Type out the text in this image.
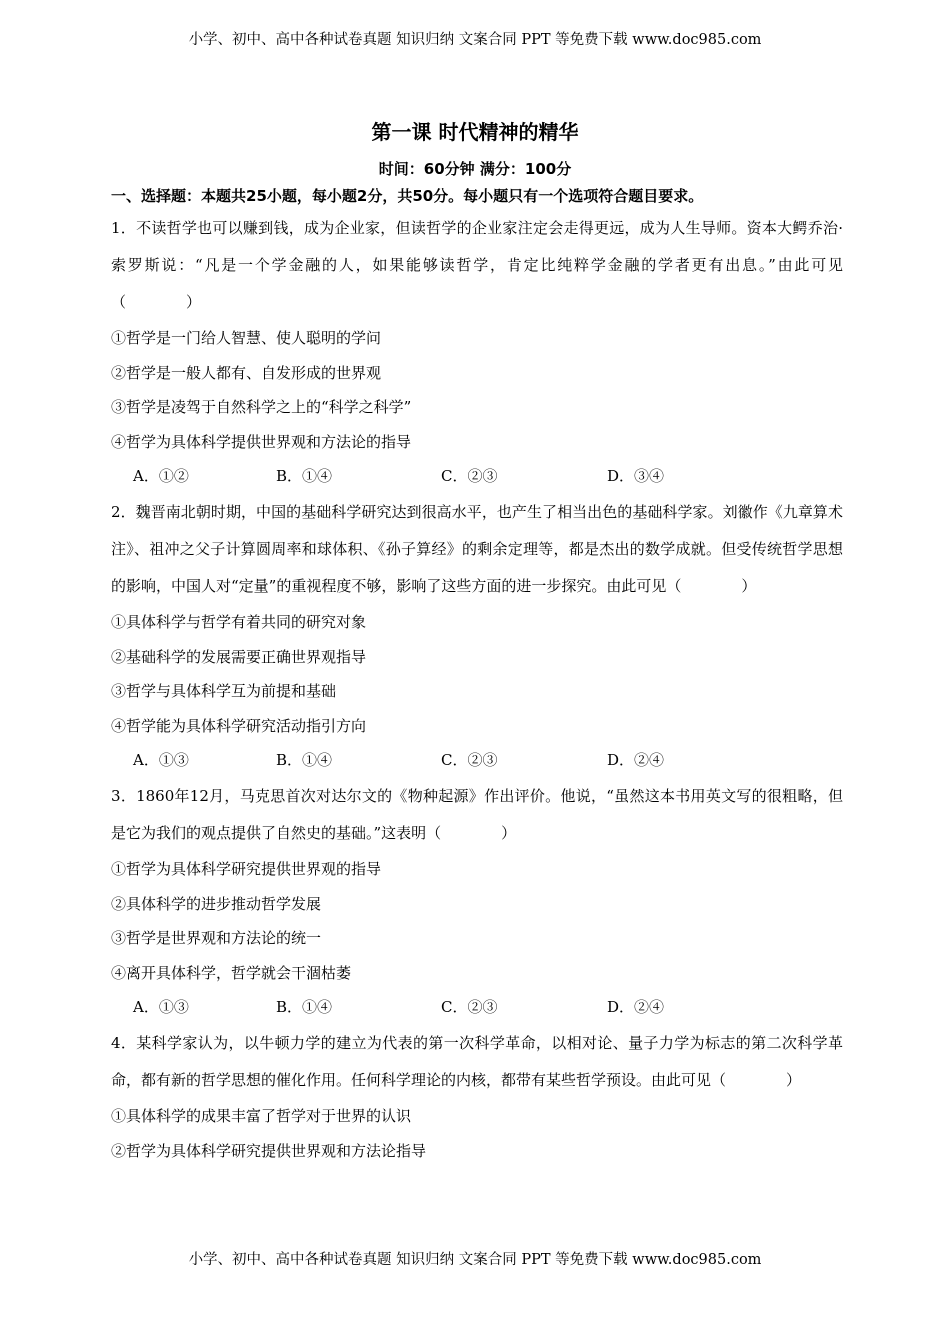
小学、初中、高中各种试卷真题 知识归纳 文案合同 PPT 等免费下载 www.doc985.com
第一课 时代精神的精华
时间：60分钟 满分：100分
一、选择题：本题共25小题，每小题2分，共50分。每小题只有一个选项符合题目要求。
1．不读哲学也可以赚到钱，成为企业家，但读哲学的企业家注定会走得更远，成为人生导师。资本大鳄乔治·索罗斯说：“凡是一个学金融的人，如果能够读哲学，肯定比纯粹学金融的学者更有出息。”由此可见（　　　　）
①哲学是一门给人智慧、使人聪明的学问
②哲学是一般人都有、自发形成的世界观
③哲学是凌驾于自然科学之上的“科学之科学”
④哲学为具体科学提供世界观和方法论的指导
A．①②	B．①④	C．②③	D．③④
2．魏晋南北朝时期，中国的基础科学研究达到很高水平，也产生了相当出色的基础科学家。刘徽作《九章算术注》、祖冲之父子计算圆周率和球体积、《孙子算经》的剩余定理等，都是杰出的数学成就。但受传统哲学思想的影响，中国人对“定量”的重视程度不够，影响了这些方面的进一步探究。由此可见（　　　　）
①具体科学与哲学有着共同的研究对象
②基础科学的发展需要正确世界观指导
③哲学与具体科学互为前提和基础
④哲学能为具体科学研究活动指引方向
A．①③	B．①④	C．②③	D．②④
3．1860年12月，马克思首次对达尔文的《物种起源》作出评价。他说，“虽然这本书用英文写的很粗略，但是它为我们的观点提供了自然史的基础。”这表明（　　　　）
①哲学为具体科学研究提供世界观的指导
②具体科学的进步推动哲学发展
③哲学是世界观和方法论的统一
④离开具体科学，哲学就会干涸枯萎
A．①③	B．①④	C．②③	D．②④
4．某科学家认为，以牛顿力学的建立为代表的第一次科学革命，以相对论、量子力学为标志的第二次科学革命，都有新的哲学思想的催化作用。任何科学理论的内核，都带有某些哲学预设。由此可见（　　　　）
①具体科学的成果丰富了哲学对于世界的认识
②哲学为具体科学研究提供世界观和方法论指导
小学、初中、高中各种试卷真题 知识归纳 文案合同 PPT 等免费下载 www.doc985.com
